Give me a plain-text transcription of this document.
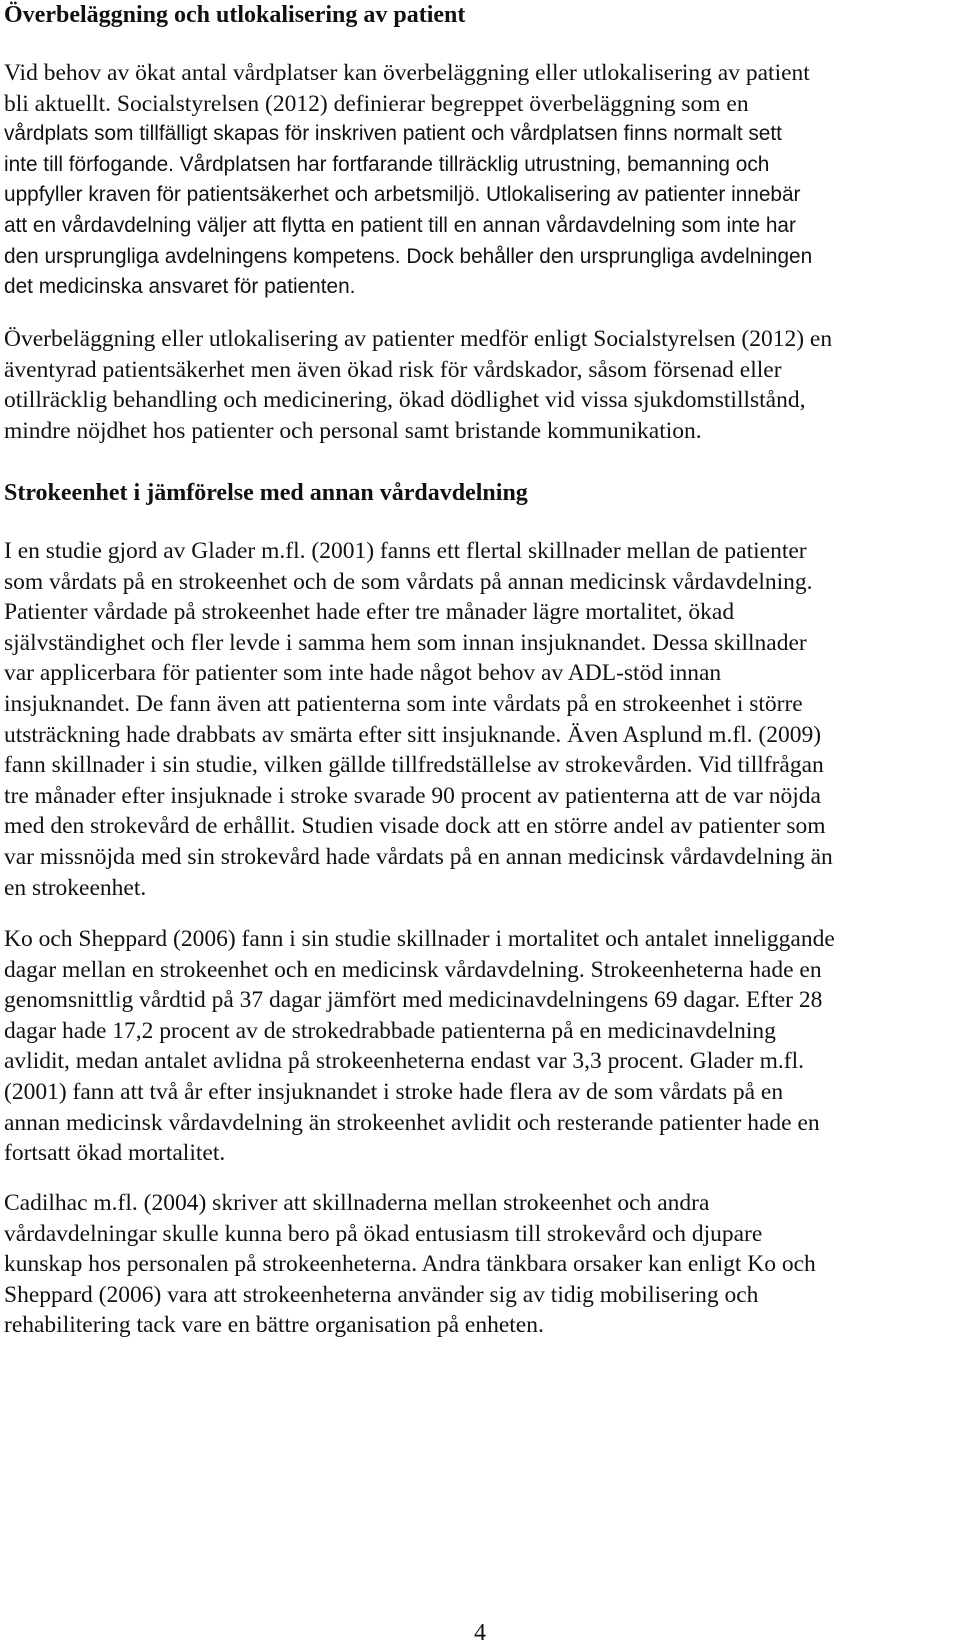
Överbeläggning och utlokalisering av patient
Vid behov av ökat antal vårdplatser kan överbeläggning eller utlokalisering av patient
bli aktuellt. Socialstyrelsen (2012) definierar begreppet överbeläggning som en
vårdplats som tillfälligt skapas för inskriven patient och vårdplatsen finns normalt sett
inte till förfogande. Vårdplatsen har fortfarande tillräcklig utrustning, bemanning och
uppfyller kraven för patientsäkerhet och arbetsmiljö. Utlokalisering av patienter innebär
att en vårdavdelning väljer att flytta en patient till en annan vårdavdelning som inte har
den ursprungliga avdelningens kompetens. Dock behåller den ursprungliga avdelningen
det medicinska ansvaret för patienten.
Överbeläggning eller utlokalisering av patienter medför enligt Socialstyrelsen (2012) en
äventyrad patientsäkerhet men även ökad risk för vårdskador, såsom försenad eller
otillräcklig behandling och medicinering, ökad dödlighet vid vissa sjukdomstillstånd,
mindre nöjdhet hos patienter och personal samt bristande kommunikation.
Strokeenhet i jämförelse med annan vårdavdelning
I en studie gjord av Glader m.fl. (2001) fanns ett flertal skillnader mellan de patienter
som vårdats på en strokeenhet och de som vårdats på annan medicinsk vårdavdelning.
Patienter vårdade på strokeenhet hade efter tre månader lägre mortalitet, ökad
självständighet och fler levde i samma hem som innan insjuknandet. Dessa skillnader
var applicerbara för patienter som inte hade något behov av ADL-stöd innan
insjuknandet. De fann även att patienterna som inte vårdats på en strokeenhet i större
utsträckning hade drabbats av smärta efter sitt insjuknande. Även Asplund m.fl. (2009)
fann skillnader i sin studie, vilken gällde tillfredställelse av strokevården. Vid tillfrågan
tre månader efter insjuknade i stroke svarade 90 procent av patienterna att de var nöjda
med den strokevård de erhållit. Studien visade dock att en större andel av patienter som
var missnöjda med sin strokevård hade vårdats på en annan medicinsk vårdavdelning än
en strokeenhet.
Ko och Sheppard (2006) fann i sin studie skillnader i mortalitet och antalet inneliggande
dagar mellan en strokeenhet och en medicinsk vårdavdelning. Strokeenheterna hade en
genomsnittlig vårdtid på 37 dagar jämfört med medicinavdelningens 69 dagar. Efter 28
dagar hade 17,2 procent av de strokedrabbade patienterna på en medicinavdelning
avlidit, medan antalet avlidna på strokeenheterna endast var 3,3 procent. Glader m.fl.
(2001) fann att två år efter insjuknandet i stroke hade flera av de som vårdats på en
annan medicinsk vårdavdelning än strokeenhet avlidit och resterande patienter hade en
fortsatt ökad mortalitet.
Cadilhac m.fl. (2004) skriver att skillnaderna mellan strokeenhet och andra
vårdavdelningar skulle kunna bero på ökad entusiasm till strokevård och djupare
kunskap hos personalen på strokeenheterna. Andra tänkbara orsaker kan enligt Ko och
Sheppard (2006) vara att strokeenheterna använder sig av tidig mobilisering och
rehabilitering tack vare en bättre organisation på enheten.
4
